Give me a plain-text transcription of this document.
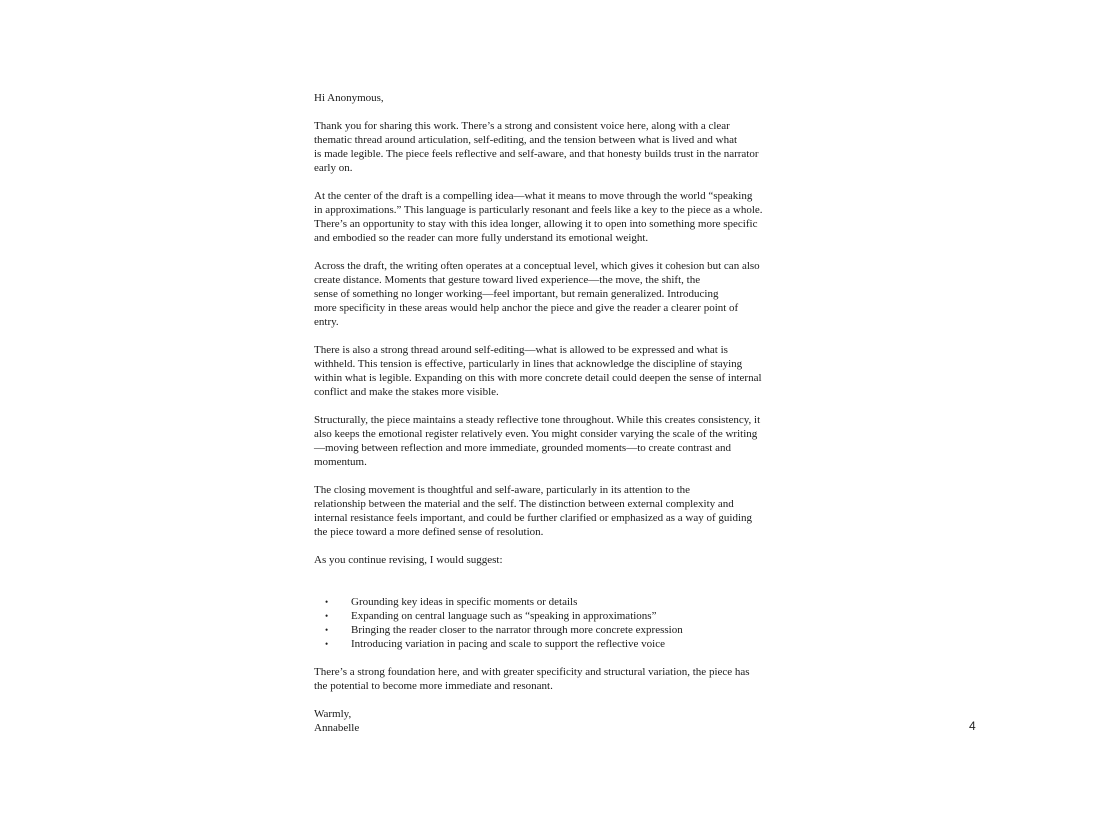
Hi Anonymous,

Thank you for sharing this work. There’s a strong and consistent voice here, along with a clear
thematic thread around articulation, self-editing, and the tension between what is lived and what
is made legible. The piece feels reflective and self-aware, and that honesty builds trust in the narrator
early on.

At the center of the draft is a compelling idea—what it means to move through the world “speaking
in approximations.” This language is particularly resonant and feels like a key to the piece as a whole.
There’s an opportunity to stay with this idea longer, allowing it to open into something more specific
and embodied so the reader can more fully understand its emotional weight.

Across the draft, the writing often operates at a conceptual level, which gives it cohesion but can also
create distance. Moments that gesture toward lived experience—the move, the shift, the
sense of something no longer working—feel important, but remain generalized. Introducing
more specificity in these areas would help anchor the piece and give the reader a clearer point of
entry.

There is also a strong thread around self-editing—what is allowed to be expressed and what is
withheld. This tension is effective, particularly in lines that acknowledge the discipline of staying
within what is legible. Expanding on this with more concrete detail could deepen the sense of internal
conflict and make the stakes more visible.

Structurally, the piece maintains a steady reflective tone throughout. While this creates consistency, it
also keeps the emotional register relatively even. You might consider varying the scale of the writing
—moving between reflection and more immediate, grounded moments—to create contrast and
momentum.

The closing movement is thoughtful and self-aware, particularly in its attention to the
relationship between the material and the self. The distinction between external complexity and
internal resistance feels important, and could be further clarified or emphasized as a way of guiding
the piece toward a more defined sense of resolution.

As you continue revising, I would suggest:

• Grounding key ideas in specific moments or details
• Expanding on central language such as “speaking in approximations”
• Bringing the reader closer to the narrator through more concrete expression
• Introducing variation in pacing and scale to support the reflective voice

There’s a strong foundation here, and with greater specificity and structural variation, the piece has
the potential to become more immediate and resonant.

Warmly,

Annabelle	4
